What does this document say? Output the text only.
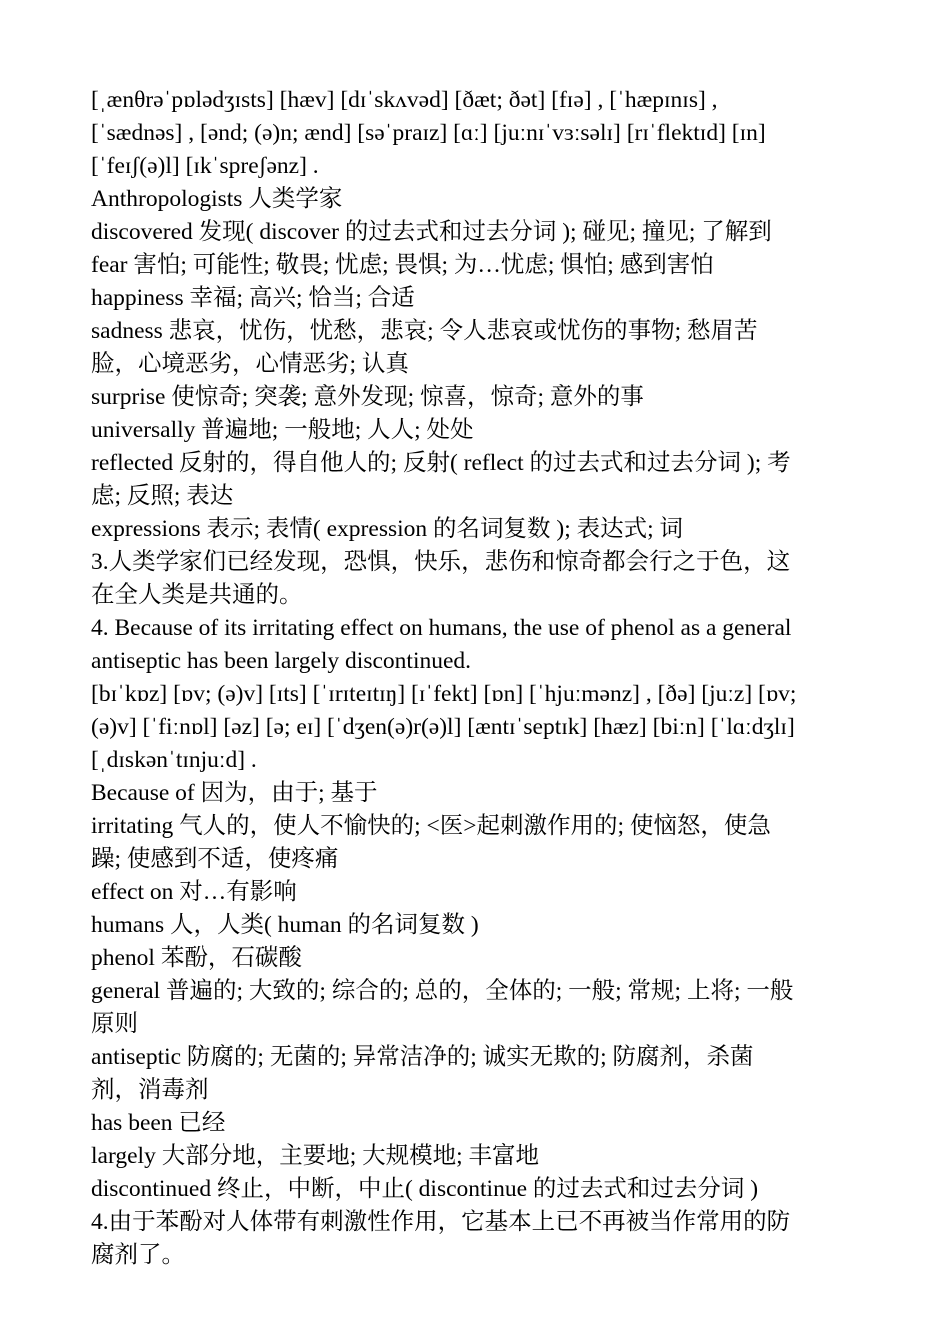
[ˌænθrəˈpɒlədʒɪsts] [hæv] [dɪˈskʌvəd] [ðæt; ðət] [fɪə] , [ˈhæpɪnɪs] ,
[ˈsædnəs] , [ənd; (ə)n; ænd] [səˈpraɪz] [ɑː] [juːnɪˈvɜːsəlɪ] [rɪˈflektɪd] [ɪn]
[ˈfeɪʃ(ə)l] [ɪkˈspreʃənz] .
Anthropologists 人类学家
discovered 发现( discover 的过去式和过去分词 ); 碰见; 撞见; 了解到
fear 害怕; 可能性; 敬畏; 忧虑; 畏惧; 为…忧虑; 惧怕; 感到害怕
happiness 幸福; 高兴; 恰当; 合适
sadness 悲哀，忧伤，忧愁，悲哀; 令人悲哀或忧伤的事物; 愁眉苦
脸，心境恶劣，心情恶劣; 认真
surprise 使惊奇; 突袭; 意外发现; 惊喜，惊奇; 意外的事
universally 普遍地; 一般地; 人人; 处处
reflected 反射的，得自他人的; 反射( reflect 的过去式和过去分词 ); 考
虑; 反照; 表达
expressions 表示; 表情( expression 的名词复数 ); 表达式; 词
3.人类学家们已经发现，恐惧，快乐，悲伤和惊奇都会行之于色，这
在全人类是共通的。
4. Because of its irritating effect on humans, the use of phenol as a general
antiseptic has been largely discontinued.
[bɪˈkɒz] [ɒv; (ə)v] [ɪts] [ˈɪrɪteɪtɪŋ] [ɪˈfekt] [ɒn] [ˈhjuːmənz] , [ðə] [juːz] [ɒv;
(ə)v] [ˈfiːnɒl] [əz] [ə; eɪ] [ˈdʒen(ə)r(ə)l] [æntɪˈseptɪk] [hæz] [biːn] [ˈlɑːdʒlɪ]
[ˌdɪskənˈtɪnjuːd] .
Because of 因为，由于; 基于
irritating 气人的，使人不愉快的; <医>起刺激作用的; 使恼怒，使急
躁; 使感到不适，使疼痛
effect on 对…有影响
humans 人，人类( human 的名词复数 )
phenol 苯酚，石碳酸
general 普遍的; 大致的; 综合的; 总的，全体的; 一般; 常规; 上将; 一般
原则
antiseptic 防腐的; 无菌的; 异常洁净的; 诚实无欺的; 防腐剂，杀菌
剂，消毒剂
has been 已经
largely 大部分地，主要地; 大规模地; 丰富地
discontinued 终止，中断，中止( discontinue 的过去式和过去分词 )
4.由于苯酚对人体带有刺激性作用，它基本上已不再被当作常用的防
腐剂了。
